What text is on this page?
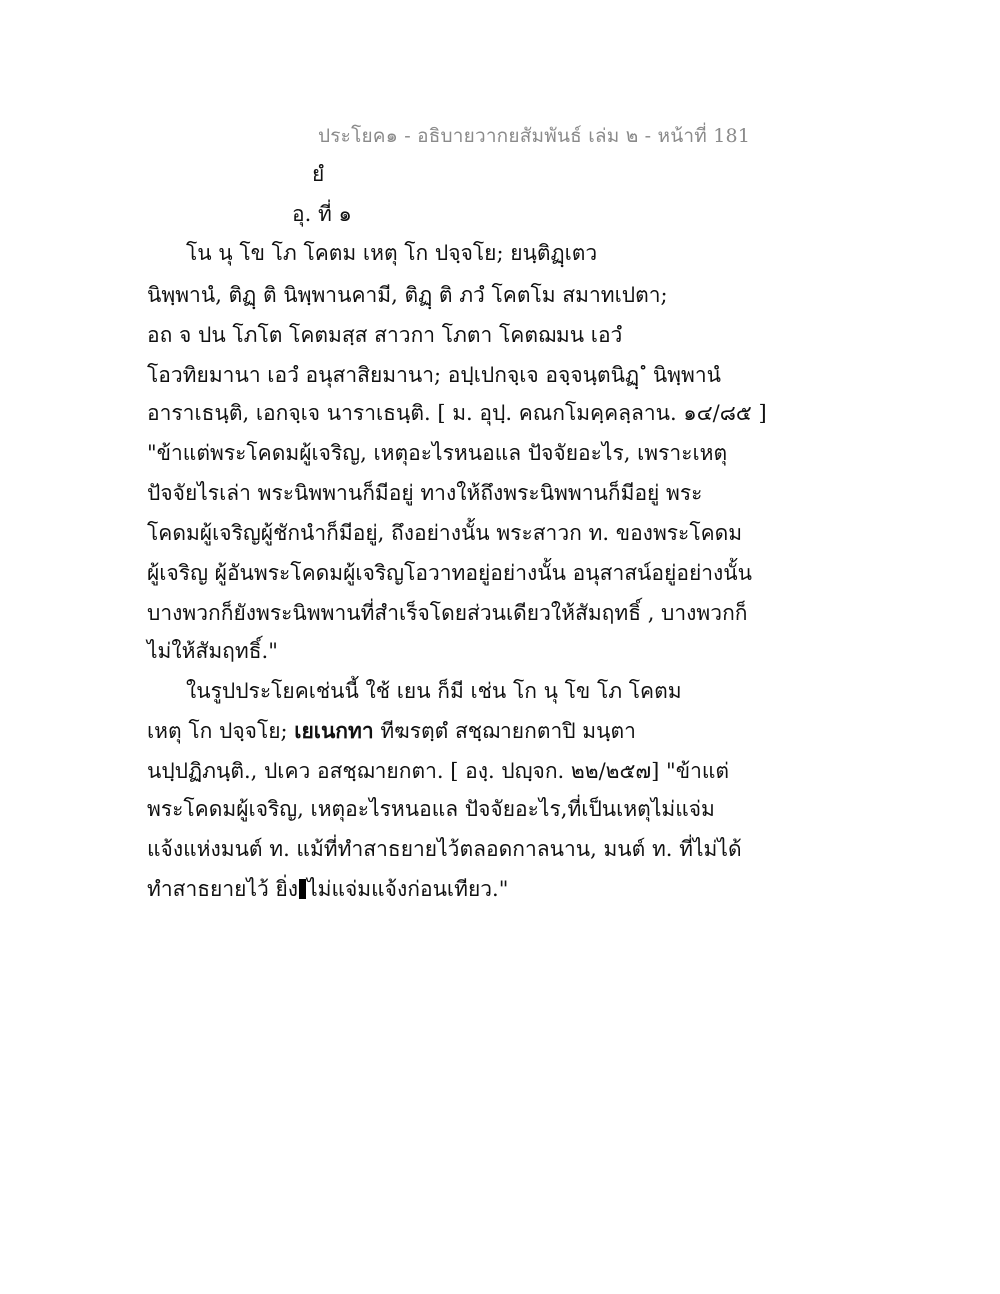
ประโยค๑ - อธิบายวากยสัมพันธ์ เล่ม ๒ - หน้าที่ 181
ยํ
อุ. ที่ ๑
โน นุ โข โภ โคตม เหตุ โก ปจฺจโย; ยนฺติฏฺเตว
นิพฺพานํ, ติฏฺ ติ นิพฺพานคามี, ติฏฺ ติ ภวํ โคตโม สมาทเปตา;
อถ จ ปน โภโต โคตมสฺส สาวกา โภตา โคตฌมน เอวํ
โอวทิยมานา เอวํ อนุสาสิยมานา; อปฺเปกจฺเจ อจฺจนฺตนิฏฺ ํ นิพฺพานํ
อาราเธนฺติ, เอกจฺเจ นาราเธนฺติ. [ ม. อุปฺ. คณกโมคฺคลฺลาน. ๑๔/๘๕ ]
"ข้าแต่พระโคดมผู้เจริญ, เหตุอะไรหนอแล ปัจจัยอะไร, เพราะเหตุ
ปัจจัยไรเล่า พระนิพพานก็มีอยู่ ทางให้ถึงพระนิพพานก็มีอยู่ พระ
โคดมผู้เจริญผู้ชักนำก็มีอยู่, ถึงอย่างนั้น พระสาวก ท. ของพระโคดม
ผู้เจริญ ผู้อันพระโคดมผู้เจริญโอวาทอยู่อย่างนั้น อนุสาสน์อยู่อย่างนั้น
บางพวกก็ยังพระนิพพานที่สำเร็จโดยส่วนเดียวให้สัมฤทธิ์ , บางพวกก็
ไม่ให้สัมฤทธิ์."
ในรูปประโยคเช่นนี้ ใช้ เยน ก็มี เช่น โก นุ โข โภ โคตม
เหตุ โก ปจฺจโย; เยเนกทา ทีฆรตฺตํ สชฺฌายกตาปิ มนฺตา
นปฺปฏิภนฺติ., ปเคว อสชฺฌายกตา. [ องฺ. ปญฺจก. ๒๒/๒๕๗] "ข้าแต่
พระโคดมผู้เจริญ, เหตุอะไรหนอแล ปัจจัยอะไร,ที่เป็นเหตุไม่แจ่ม
แจ้งแห่งมนต์ ท. แม้ที่ทำสาธยายไว้ตลอดกาลนาน, มนต์ ท. ที่ไม่ได้
ทำสาธยายไว้ ยิ่ง ไม่แจ่มแจ้งก่อนเทียว."
